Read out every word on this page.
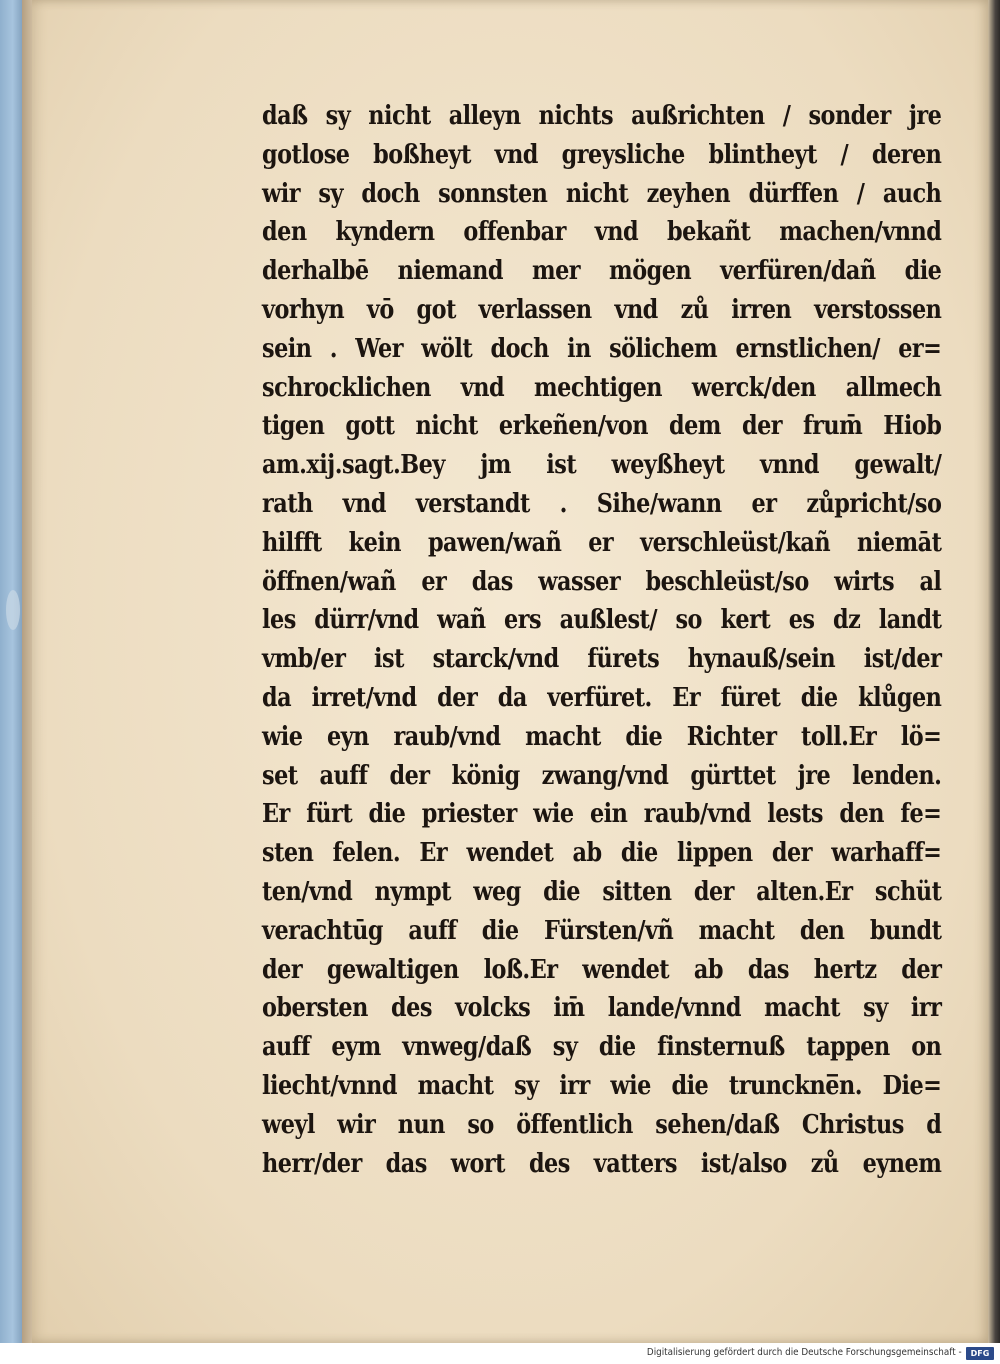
daß sy nicht alleyn nichts außrichten / sonder jre
gotlose boßheyt vnd greysliche blintheyt / deren
wir sy doch sonnsten nicht zeyhen dürffen / auch
den kyndern offenbar vnd bekañt machen/vnnd
derhalbē niemand mer mögen verfüren/dañ die
vorhyn vō got verlassen vnd zů irren verstossen
sein . Wer wölt doch in sölichem ernstlichen/ er=
schrocklichen vnd mechtigen werck/den allmech
tigen gott nicht erkeñen/von dem der frum̄ Hiob
am.xij.sagt.Bey jm ist weyßheyt vnnd gewalt/
rath vnd verstandt . Sihe/wann er zůpricht/so
hilfft kein pawen/wañ er verschleüst/kañ niemāt
öffnen/wañ er das wasser beschleüst/so wirts al
les dürr/vnd wañ ers außlest/ so kert es dz landt
vmb/er ist starck/vnd fürets hynauß/sein ist/der
da irret/vnd der da verfüret. Er füret die klůgen
wie eyn raub/vnd macht die Richter toll.Er lö=
set auff der könig zwang/vnd gürttet jre lenden.
Er fürt die priester wie ein raub/vnd lests den fe=
sten felen. Er wendet ab die lippen der warhaff=
ten/vnd nympt weg die sitten der alten.Er schüt
verachtūg auff die Fürsten/vñ macht den bundt
der gewaltigen loß.Er wendet ab das hertz der
obersten des volcks im̄ lande/vnnd macht sy irr
auff eym vnweg/daß sy die finsternuß tappen on
liecht/vnnd macht sy irr wie die trunckne̅n. Die=
weyl wir nun so öffentlich sehen/daß Christus d
herr/der das wort des vatters ist/also zů eynem
Digitalisierung gefördert durch die Deutsche Forschungsgemeinschaft - DFG
